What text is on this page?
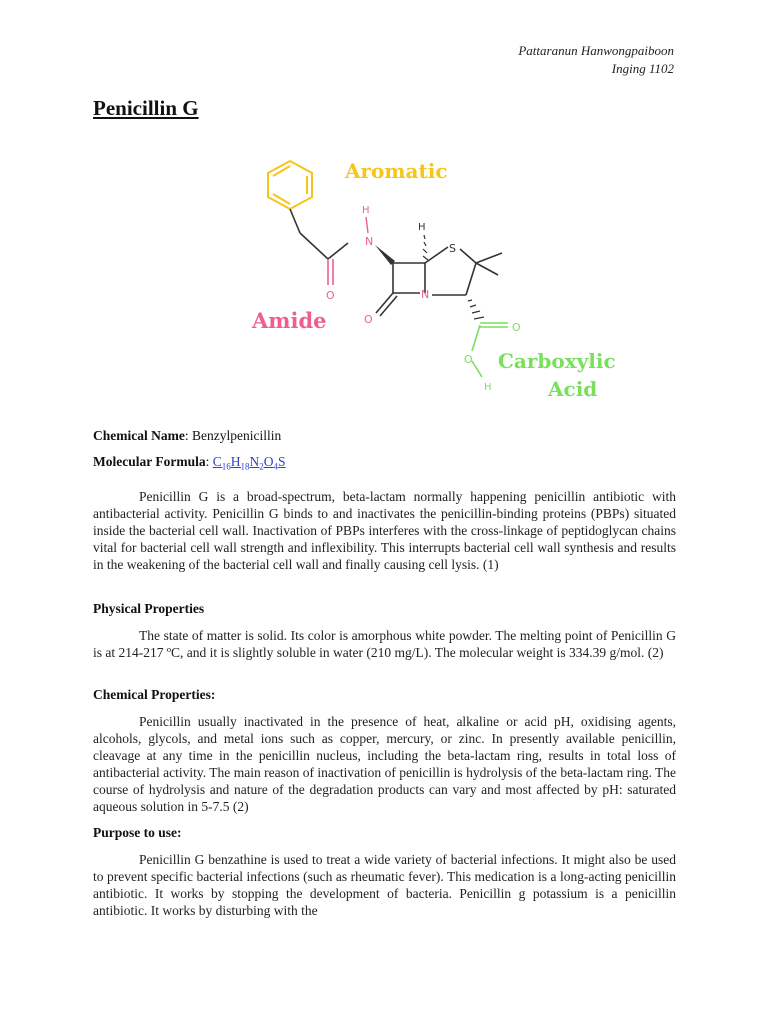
Pattaranun Hanwongpaiboon
Inging 1102
Penicillin G
H
N
O	N
O
H
S
O
O
H
Aromatic
Amide
Carboxylic
Acid
Chemical Name: Benzylpenicillin
Molecular Formula: $C_{16}H_{18}N_2O_4S$

Penicillin G is a broad-spectrum, beta-lactam normally happening penicillin antibiotic with antibacterial activity. Penicillin G binds to and inactivates the penicillin-binding proteins (PBPs) situated inside the bacterial cell wall. Inactivation of PBPs interferes with the cross-linkage of peptidoglycan chains vital for bacterial cell wall strength and inflexibility. This interrupts bacterial cell wall synthesis and results in the weakening of the bacterial cell wall and finally causing cell lysis. (1)

Physical Properties

The state of matter is solid. Its color is amorphous white powder. The melting point of Penicillin G is at 214-217 ºC, and it is slightly soluble in water (210 mg/L). The molecular weight is 334.39 g/mol. (2)

Chemical Properties:

Penicillin usually inactivated in the presence of heat, alkaline or acid pH, oxidising agents, alcohols, glycols, and metal ions such as copper, mercury, or zinc. In presently available penicillin, cleavage at any time in the penicillin nucleus, including the beta-lactam ring, results in total loss of antibacterial activity. The main reason of inactivation of penicillin is hydrolysis of the beta-lactam ring. The course of hydrolysis and nature of the degradation products can vary and most affected by pH: saturated aqueous solution in 5-7.5 (2)

Purpose to use:

Penicillin G benzathine is used to treat a wide variety of bacterial infections. It might also be used to prevent specific bacterial infections (such as rheumatic fever). This medication is a long-acting penicillin antibiotic. It works by stopping the development of bacteria. Penicillin g potassium is a penicillin antibiotic. It works by disturbing with the
